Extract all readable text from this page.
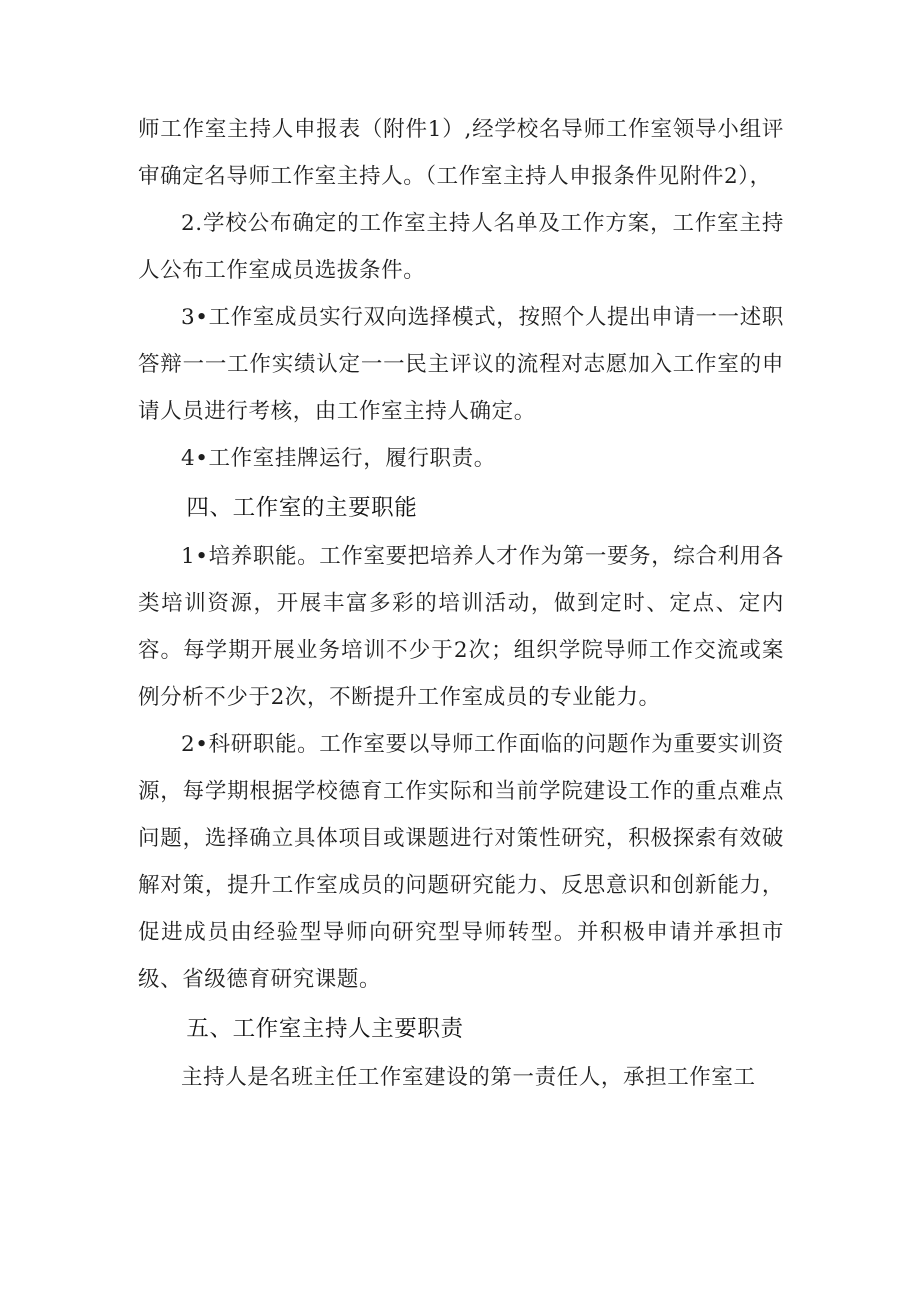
师工作室主持人申报表（附件1）,经学校名导师工作室领导小组评审确定名导师工作室主持人。（工作室主持人申报条件见附件2），

2.学校公布确定的工作室主持人名单及工作方案，工作室主持人公布工作室成员选拔条件。

3•工作室成员实行双向选择模式，按照个人提出申请一一述职答辩一一工作实绩认定一一民主评议的流程对志愿加入工作室的申请人员进行考核，由工作室主持人确定。

4•工作室挂牌运行，履行职责。

四、工作室的主要职能

1•培养职能。工作室要把培养人才作为第一要务，综合利用各类培训资源，开展丰富多彩的培训活动，做到定时、定点、定内容。每学期开展业务培训不少于2次；组织学院导师工作交流或案例分析不少于2次，不断提升工作室成员的专业能力。

2•科研职能。工作室要以导师工作面临的问题作为重要实训资源，每学期根据学校德育工作实际和当前学院建设工作的重点难点问题，选择确立具体项目或课题进行对策性研究，积极探索有效破解对策，提升工作室成员的问题研究能力、反思意识和创新能力，促进成员由经验型导师向研究型导师转型。并积极申请并承担市级、省级德育研究课题。

五、工作室主持人主要职责

主持人是名班主任工作室建设的第一责任人，承担工作室工
